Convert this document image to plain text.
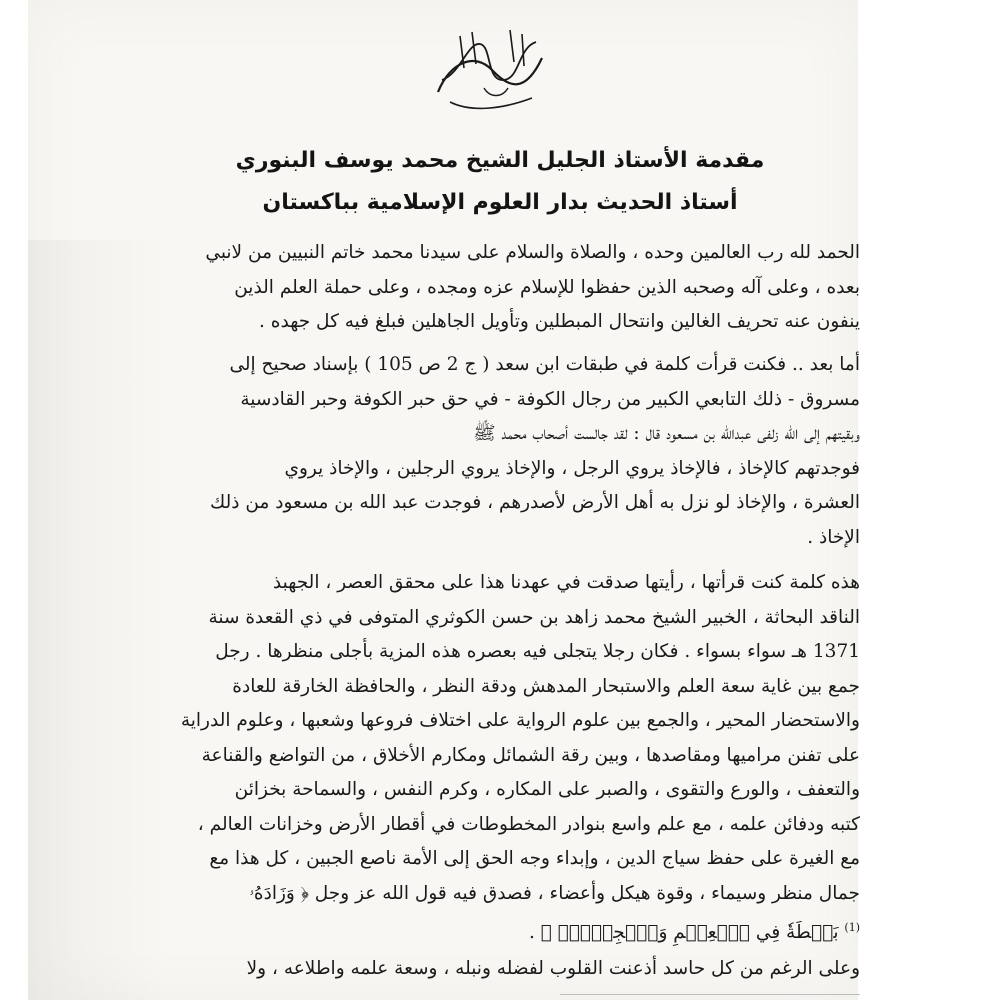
مقدمة الأستاذ الجليل الشيخ محمد يوسف البنوري
أستاذ الحديث بدار العلوم الإسلامية بباكستان
الحمد لله رب العالمين وحده ، والصلاة والسلام على سيدنا محمد خاتم النبيين من لانبي
بعده ، وعلى آله وصحبه الذين حفظوا للإسلام عزه ومجده ، وعلى حملة العلم الذين
ينفون عنه تحريف الغالين وانتحال المبطلين وتأويل الجاهلين فبلغ فيه كل جهده .
أما بعد .. فكنت قرأت كلمة في طبقات ابن سعد ( ج 2 ص 105 ) بإسناد صحيح إلى
مسروق - ذلك التابعي الكبير من رجال الكوفة - في حق حبر الكوفة وحبر القادسية
وبقيتهم إلى الله زلفى عبدالله بن مسعود قال : لقد جالست أصحاب محمد ﷺ
فوجدتهم كالإخاذ ، فالإخاذ يروي الرجل ، والإخاذ يروي الرجلين ، والإخاذ يروي
العشرة ، والإخاذ لو نزل به أهل الأرض لأصدرهم ، فوجدت عبد الله بن مسعود من ذلك
الإخاذ .
هذه كلمة كنت قرأتها ، رأيتها صدقت في عهدنا هذا على محقق العصر ، الجهبذ
الناقد البحاثة ، الخبير الشيخ محمد زاهد بن حسن الكوثري المتوفى في ذي القعدة سنة
1371 هـ سواء بسواء . فكان رجلا يتجلى فيه بعصره هذه المزية بأجلى منظرها . رجل
جمع بين غاية سعة العلم والاستبحار المدهش ودقة النظر ، والحافظة الخارقة للعادة
والاستحضار المحير ، والجمع بين علوم الرواية على اختلاف فروعها وشعبها ، وعلوم الدراية
على تفنن مراميها ومقاصدها ، وبين رقة الشمائل ومكارم الأخلاق ، من التواضع والقناعة
والتعفف ، والورع والتقوى ، والصبر على المكاره ، وكرم النفس ، والسماحة بخزائن
كتبه ودفائن علمه ، مع علم واسع بنوادر المخطوطات في أقطار الأرض وخزانات العالم ،
مع الغيرة على حفظ سياج الدين ، وإبداء وجه الحق إلى الأمة ناصع الجبين ، كل هذا مع
جمال منظر وسيماء ، وقوة هيكل وأعضاء ، فصدق فيه قول الله عز وجل ﴿ وَزَادَهُۥ
$^{(1)}$ بَسۡطَةٗ فِي ٱلۡعِلۡمِ وَٱلۡجِسۡمِۖ ﴾ .
وعلى الرغم من كل حاسد أذعنت القلوب لفضله ونبله ، وسعة علمه واطلاعه ، ولا
